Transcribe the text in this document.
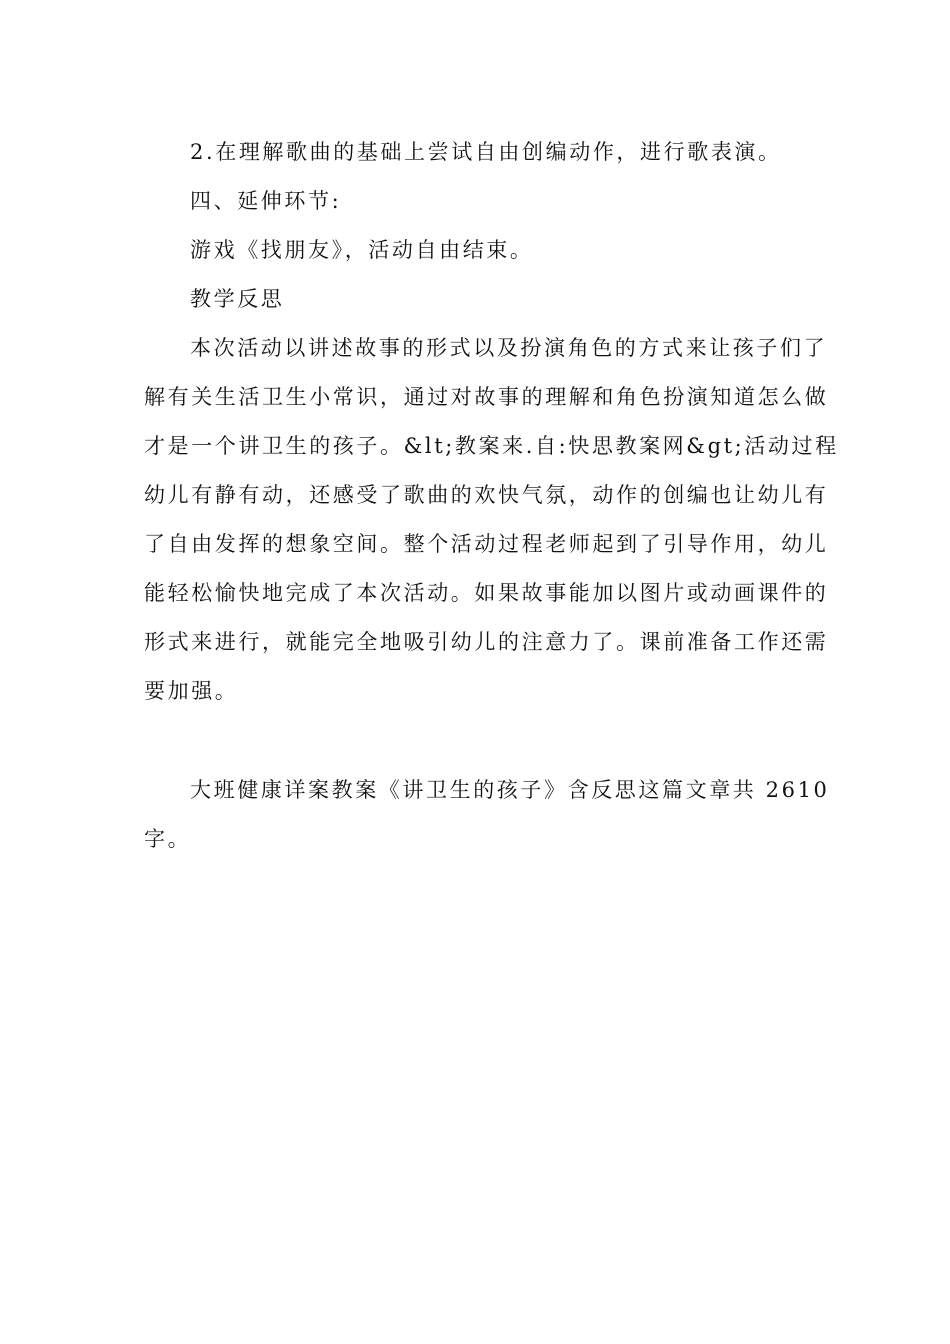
2.在理解歌曲的基础上尝试自由创编动作，进行歌表演。

四、延伸环节:

游戏《找朋友》，活动自由结束。

教学反思

本次活动以讲述故事的形式以及扮演角色的方式来让孩子们了

解有关生活卫生小常识，通过对故事的理解和角色扮演知道怎么做

才是一个讲卫生的孩子。&lt;教案来.自:快思教案网&gt;活动过程

幼儿有静有动，还感受了歌曲的欢快气氛，动作的创编也让幼儿有

了自由发挥的想象空间。整个活动过程老师起到了引导作用，幼儿

能轻松愉快地完成了本次活动。如果故事能加以图片或动画课件的

形式来进行，就能完全地吸引幼儿的注意力了。课前准备工作还需

要加强。

大班健康详案教案《讲卫生的孩子》含反思这篇文章共 2610

字。
